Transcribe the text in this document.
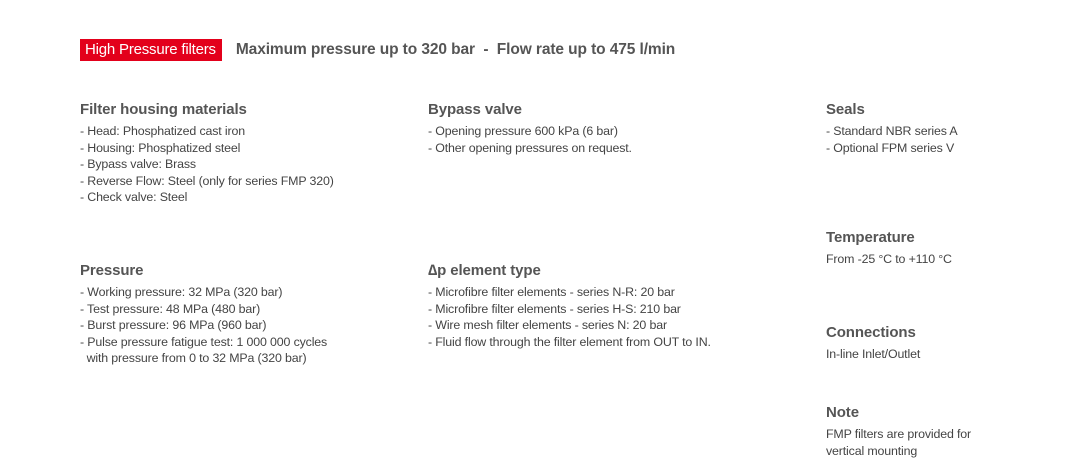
High Pressure filters	Maximum pressure up to 320 bar  -  Flow rate up to 475 l/min
Filter housing materials
- Head: Phosphatized cast iron
- Housing: Phosphatized steel
- Bypass valve: Brass
- Reverse Flow: Steel (only for series FMP 320)
- Check valve: Steel
Pressure
- Working pressure: 32 MPa (320 bar)
- Test pressure: 48 MPa (480 bar)
- Burst pressure: 96 MPa (960 bar)
- Pulse pressure fatigue test: 1 000 000 cycles
with pressure from 0 to 32 MPa (320 bar)
Bypass valve
- Opening pressure 600 kPa (6 bar)
- Other opening pressures on request.
∆p element type
- Microfibre filter elements - series N-R: 20 bar
- Microfibre filter elements - series H-S: 210 bar
- Wire mesh filter elements - series N: 20 bar
- Fluid flow through the filter element from OUT to IN.
Seals
- Standard NBR series A
- Optional FPM series V
Temperature

From -25 °C to +110 °C

Connections

In-line Inlet/Outlet

Note

FMP filters are provided for vertical mounting
